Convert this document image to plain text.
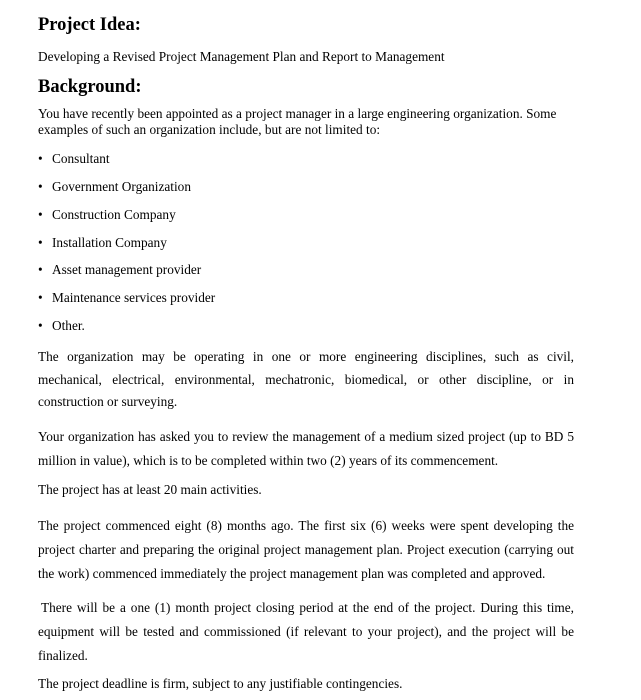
Project Idea:

Developing a Revised Project Management Plan and Report to Management

Background:

You have recently been appointed as a project manager in a large engineering organization. Some

examples of such an organization include, but are not limited to:

• Consultant
• Government Organization
• Construction Company
• Installation Company
• Asset management provider
• Maintenance services provider
• Other.

The organization may be operating in one or more engineering disciplines, such as civil, mechanical, electrical, environmental, mechatronic, biomedical, or other discipline, or in construction or surveying.

Your organization has asked you to review the management of a medium sized project (up to BD 5 million in value), which is to be completed within two (2) years of its commencement.

The project has at least 20 main activities.

The project commenced eight (8) months ago. The first six (6) weeks were spent developing the project charter and preparing the original project management plan. Project execution (carrying out the work) commenced immediately the project management plan was completed and approved.

There will be a one (1) month project closing period at the end of the project. During this time, equipment will be tested and commissioned (if relevant to your project), and the project will be finalized.

The project deadline is firm, subject to any justifiable contingencies.
